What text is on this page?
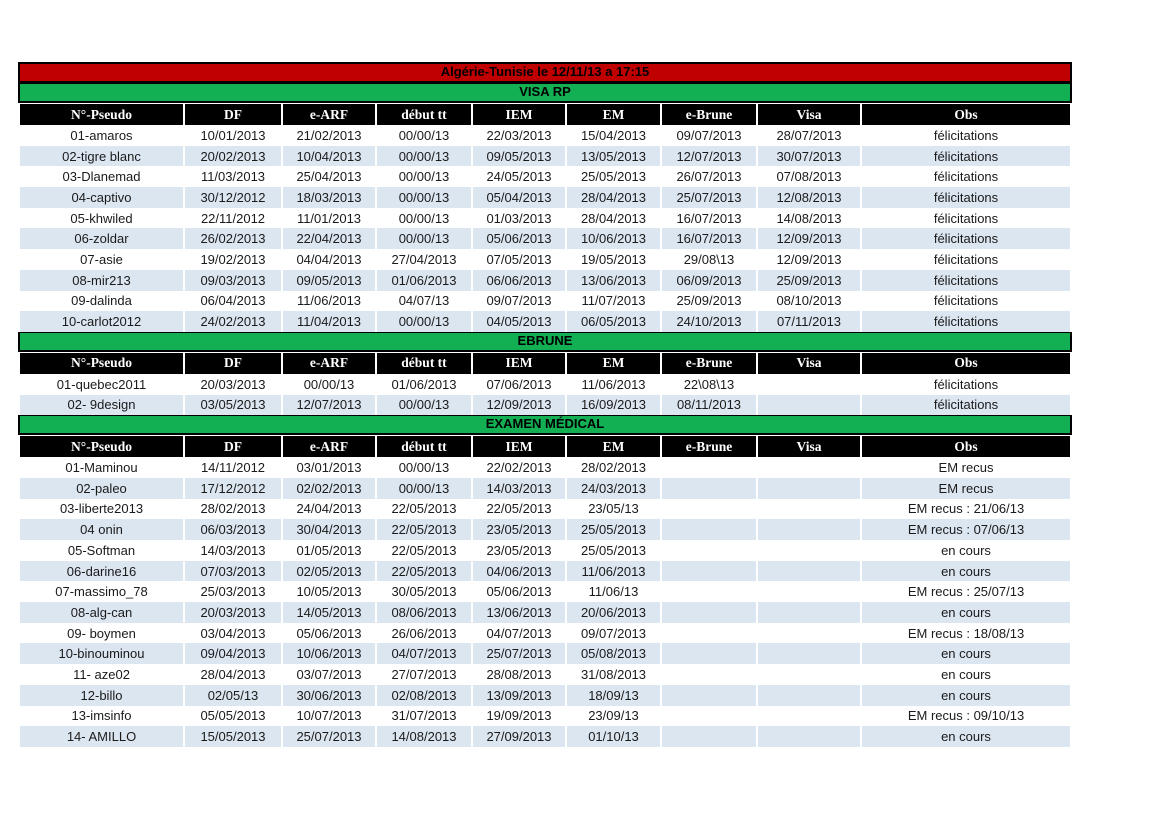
Algérie-Tunisie le 12/11/13 a 17:15
VISA RP
N°-Pseudo	DF	e-ARF	début tt	IEM	EM	e-Brune	Visa	Obs
01-amaros	10/01/2013	21/02/2013	00/00/13	22/03/2013	15/04/2013	09/07/2013	28/07/2013	félicitations
02-tigre blanc	20/02/2013	10/04/2013	00/00/13	09/05/2013	13/05/2013	12/07/2013	30/07/2013	félicitations
03-Dlanemad	11/03/2013	25/04/2013	00/00/13	24/05/2013	25/05/2013	26/07/2013	07/08/2013	félicitations
04-captivo	30/12/2012	18/03/2013	00/00/13	05/04/2013	28/04/2013	25/07/2013	12/08/2013	félicitations
05-khwiled	22/11/2012	11/01/2013	00/00/13	01/03/2013	28/04/2013	16/07/2013	14/08/2013	félicitations
06-zoldar	26/02/2013	22/04/2013	00/00/13	05/06/2013	10/06/2013	16/07/2013	12/09/2013	félicitations
07-asie	19/02/2013	04/04/2013	27/04/2013	07/05/2013	19/05/2013	29/08\13	12/09/2013	félicitations
08-mir213	09/03/2013	09/05/2013	01/06/2013	06/06/2013	13/06/2013	06/09/2013	25/09/2013	félicitations
09-dalinda	06/04/2013	11/06/2013	04/07/13	09/07/2013	11/07/2013	25/09/2013	08/10/2013	félicitations
10-carlot2012	24/02/2013	11/04/2013	00/00/13	04/05/2013	06/05/2013	24/10/2013	07/11/2013	félicitations
EBRUNE
N°-Pseudo	DF	e-ARF	début tt	IEM	EM	e-Brune	Visa	Obs
01-quebec2011	20/03/2013	00/00/13	01/06/2013	07/06/2013	11/06/2013	22\08\13		félicitations
02- 9design	03/05/2013	12/07/2013	00/00/13	12/09/2013	16/09/2013	08/11/2013		félicitations
EXAMEN MÉDICAL
N°-Pseudo	DF	e-ARF	début tt	IEM	EM	e-Brune	Visa	Obs
01-Maminou	14/11/2012	03/01/2013	00/00/13	22/02/2013	28/02/2013			EM recus
02-paleo	17/12/2012	02/02/2013	00/00/13	14/03/2013	24/03/2013			EM recus
03-liberte2013	28/02/2013	24/04/2013	22/05/2013	22/05/2013	23/05/13			EM recus : 21/06/13
04 onin	06/03/2013	30/04/2013	22/05/2013	23/05/2013	25/05/2013			EM recus : 07/06/13
05-Softman	14/03/2013	01/05/2013	22/05/2013	23/05/2013	25/05/2013			en cours
06-darine16	07/03/2013	02/05/2013	22/05/2013	04/06/2013	11/06/2013			en cours
07-massimo_78	25/03/2013	10/05/2013	30/05/2013	05/06/2013	11/06/13			EM recus : 25/07/13
08-alg-can	20/03/2013	14/05/2013	08/06/2013	13/06/2013	20/06/2013			en cours
09- boymen	03/04/2013	05/06/2013	26/06/2013	04/07/2013	09/07/2013			EM recus : 18/08/13
10-binouminou	09/04/2013	10/06/2013	04/07/2013	25/07/2013	05/08/2013			en cours
11- aze02	28/04/2013	03/07/2013	27/07/2013	28/08/2013	31/08/2013			en cours
12-billo	02/05/13	30/06/2013	02/08/2013	13/09/2013	18/09/13			en cours
13-imsinfo	05/05/2013	10/07/2013	31/07/2013	19/09/2013	23/09/13			EM recus : 09/10/13
14- AMILLO	15/05/2013	25/07/2013	14/08/2013	27/09/2013	01/10/13			en cours
